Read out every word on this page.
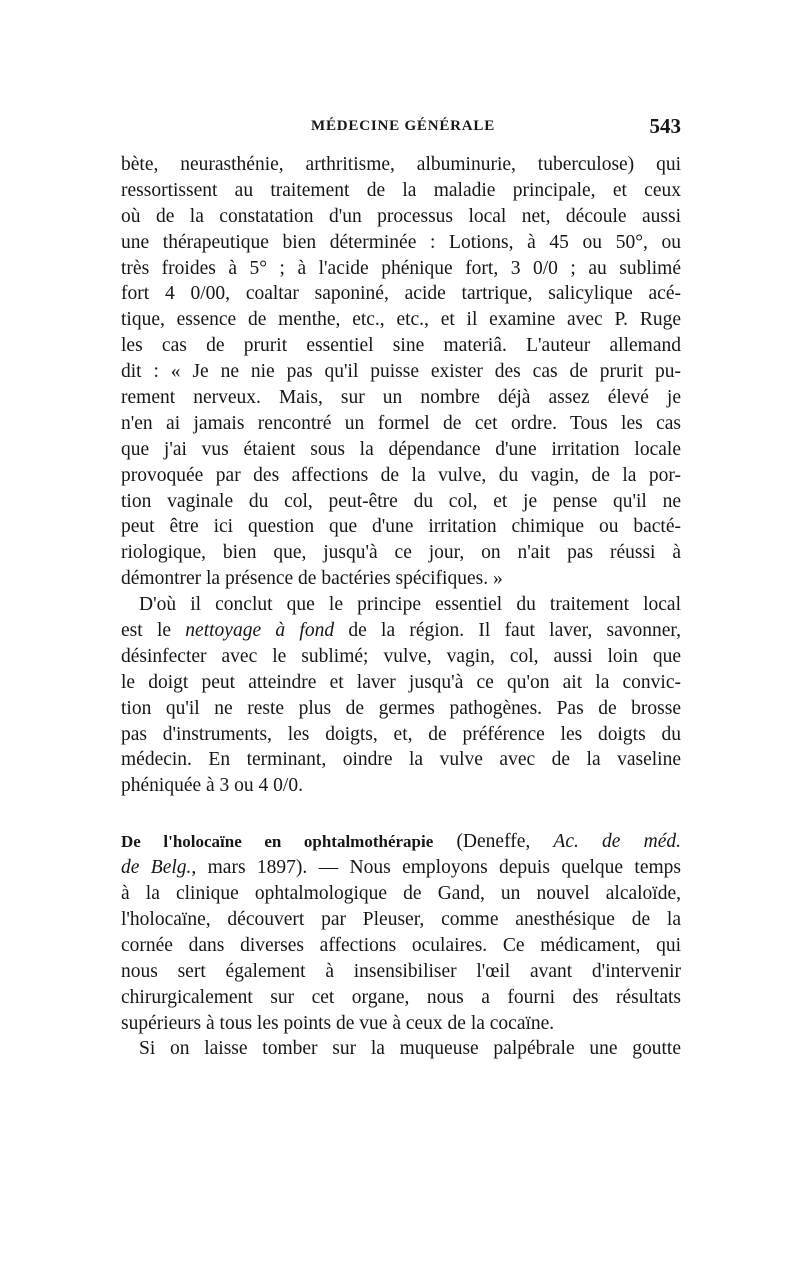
MÉDECINE GÉNÉRALE	543
bète, neurasthénie, arthritisme, albuminurie, tuberculose) qui
ressortissent au traitement de la maladie principale, et ceux
où de la constatation d'un processus local net, découle aussi
une thérapeutique bien déterminée : Lotions, à 45 ou 50°, ou
très froides à 5° ; à l'acide phénique fort, 3 0/0 ; au sublimé
fort 4 0/00, coaltar saponiné, acide tartrique, salicylique acé-
tique, essence de menthe, etc., etc., et il examine avec P. Ruge
les cas de prurit essentiel sine materiâ. L'auteur allemand
dit : « Je ne nie pas qu'il puisse exister des cas de prurit pu-
rement nerveux. Mais, sur un nombre déjà assez élevé je
n'en ai jamais rencontré un formel de cet ordre. Tous les cas
que j'ai vus étaient sous la dépendance d'une irritation locale
provoquée par des affections de la vulve, du vagin, de la por-
tion vaginale du col, peut-être du col, et je pense qu'il ne
peut être ici question que d'une irritation chimique ou bacté-
riologique, bien que, jusqu'à ce jour, on n'ait pas réussi à
démontrer la présence de bactéries spécifiques. »
D'où il conclut que le principe essentiel du traitement local
est le nettoyage à fond de la région. Il faut laver, savonner,
désinfecter avec le sublimé; vulve, vagin, col, aussi loin que
le doigt peut atteindre et laver jusqu'à ce qu'on ait la convic-
tion qu'il ne reste plus de germes pathogènes. Pas de brosse
pas d'instruments, les doigts, et, de préférence les doigts du
médecin. En terminant, oindre la vulve avec de la vaseline
phéniquée à 3 ou 4 0/0.
De l'holocaïne en ophtalmothérapie (Deneffe, Ac. de méd.
de Belg., mars 1897). — Nous employons depuis quelque temps
à la clinique ophtalmologique de Gand, un nouvel alcaloïde,
l'holocaïne, découvert par Pleuser, comme anesthésique de la
cornée dans diverses affections oculaires. Ce médicament, qui
nous sert également à insensibiliser l'œil avant d'intervenir
chirurgicalement sur cet organe, nous a fourni des résultats
supérieurs à tous les points de vue à ceux de la cocaïne.
Si on laisse tomber sur la muqueuse palpébrale une goutte
